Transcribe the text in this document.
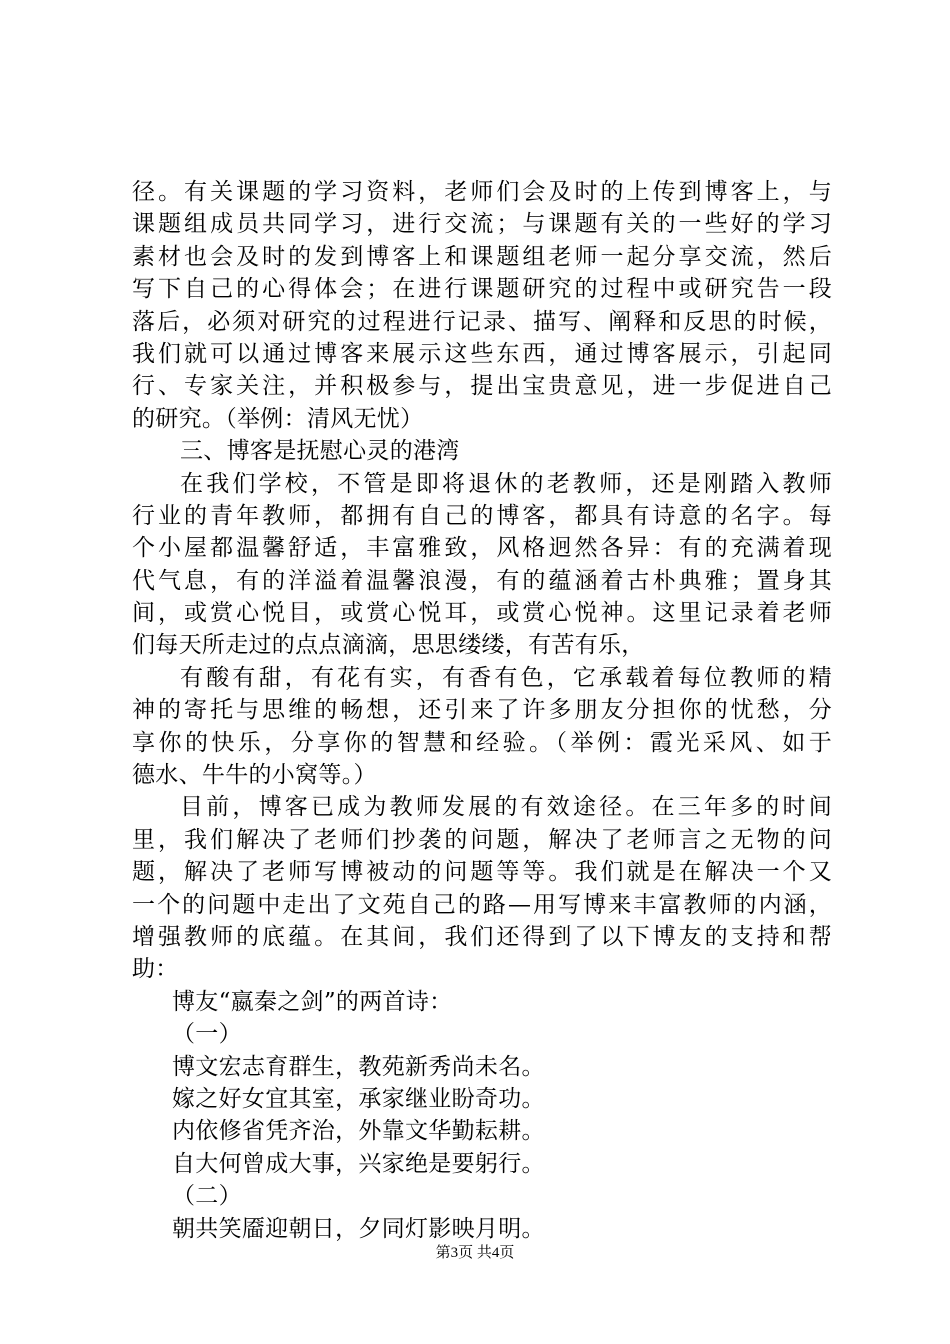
径。有关课题的学习资料，老师们会及时的上传到博客上，与
课题组成员共同学习，进行交流；与课题有关的一些好的学习
素材也会及时的发到博客上和课题组老师一起分享交流，然后
写下自己的心得体会；在进行课题研究的过程中或研究告一段
落后，必须对研究的过程进行记录、描写、阐释和反思的时候，
我们就可以通过博客来展示这些东西，通过博客展示，引起同
行、专家关注，并积极参与，提出宝贵意见，进一步促进自己
的研究。（举例：清风无忧）
三、博客是抚慰心灵的港湾
在我们学校，不管是即将退休的老教师，还是刚踏入教师
行业的青年教师，都拥有自己的博客，都具有诗意的名字。每
个小屋都温馨舒适，丰富雅致，风格迥然各异：有的充满着现
代气息，有的洋溢着温馨浪漫，有的蕴涵着古朴典雅；置身其
间，或赏心悦目，或赏心悦耳，或赏心悦神。这里记录着老师
们每天所走过的点点滴滴，思思缕缕，有苦有乐，
有酸有甜，有花有实，有香有色，它承载着每位教师的精
神的寄托与思维的畅想，还引来了许多朋友分担你的忧愁，分
享你的快乐，分享你的智慧和经验。（举例：霞光采风、如于
德水、牛牛的小窝等。）
目前，博客已成为教师发展的有效途径。在三年多的时间
里，我们解决了老师们抄袭的问题，解决了老师言之无物的问
题，解决了老师写博被动的问题等等。我们就是在解决一个又
一个的问题中走出了文苑自己的路—用写博来丰富教师的内涵，
增强教师的底蕴。在其间，我们还得到了以下博友的支持和帮
助：
博友“嬴秦之剑”的两首诗：
（一）
博文宏志育群生，教苑新秀尚未名。
嫁之好女宜其室，承家继业盼奇功。
内依修省凭齐治，外靠文华勤耘耕。
自大何曾成大事，兴家绝是要躬行。
（二）
朝共笑靥迎朝日，夕同灯影映月明。
第3页 共4页
